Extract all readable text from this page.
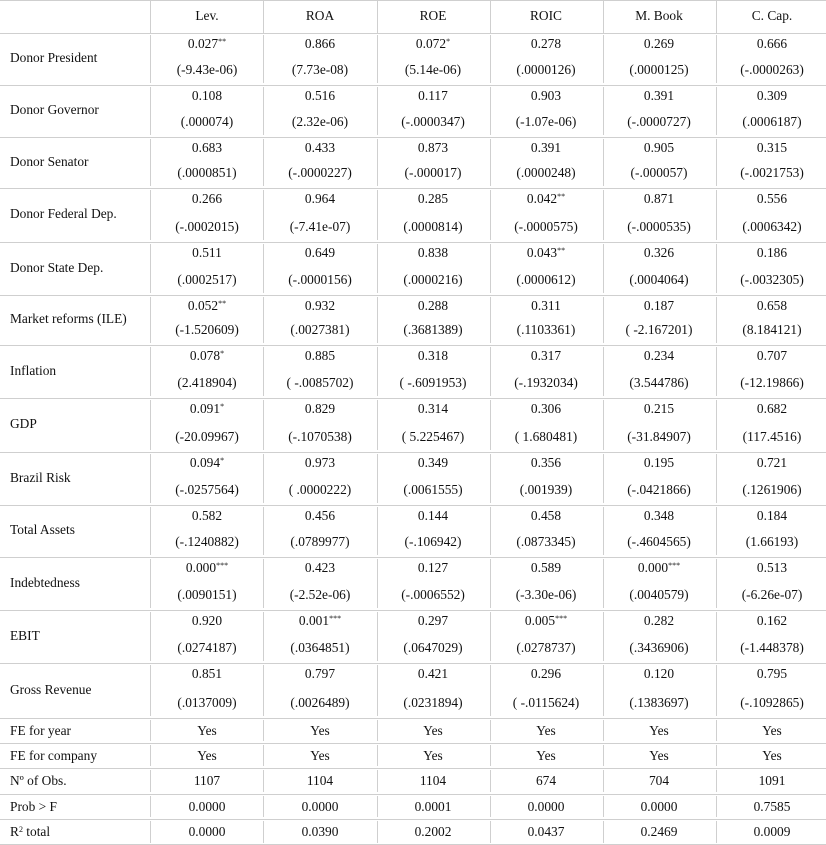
Lev.	ROA	ROE	ROIC	M. Book	C. Cap.
Donor President
0.027**	0.866	0.072*	0.278	0.269	0.666
(-9.43e-06)	(7.73e-08)	(5.14e-06)	(.0000126)	(.0000125)	(-.0000263)
Donor Governor
0.108	0.516	0.117	0.903	0.391	0.309
(.000074)	(2.32e-06)	(-.0000347)	(-1.07e-06)	(-.0000727)	(.0006187)
Donor Senator
0.683	0.433	0.873	0.391	0.905	0.315
(.0000851)	(-.0000227)	(-.000017)	(.0000248)	(-.000057)	(-.0021753)
Donor Federal Dep.
0.266	0.964	0.285	0.042**	0.871	0.556
(-.0002015)	(-7.41e-07)	(.0000814)	(-.0000575)	(-.0000535)	(.0006342)
Donor State Dep.
0.511	0.649	0.838	0.043**	0.326	0.186
(.0002517)	(-.0000156)	(.0000216)	(.0000612)	(.0004064)	(-.0032305)
Market reforms (ILE)
0.052**	0.932	0.288	0.311	0.187	0.658
(-1.520609)	(.0027381)	(.3681389)	(.1103361)	( -2.167201)	(8.184121)
Inflation
0.078*	0.885	0.318	0.317	0.234	0.707
(2.418904)	( -.0085702)	( -.6091953)	(-.1932034)	(3.544786)	(-12.19866)
GDP
0.091*	0.829	0.314	0.306	0.215	0.682
(-20.09967)	(-.1070538)	( 5.225467)	( 1.680481)	(-31.84907)	(117.4516)
Brazil Risk
0.094*	0.973	0.349	0.356	0.195	0.721
(-.0257564)	( .0000222)	(.0061555)	(.001939)	(-.0421866)	(.1261906)
Total Assets
0.582	0.456	0.144	0.458	0.348	0.184
(-.1240882)	(.0789977)	(-.106942)	(.0873345)	(-.4604565)	(1.66193)
Indebtedness
0.000***	0.423	0.127	0.589	0.000***	0.513
(.0090151)	(-2.52e-06)	(-.0006552)	(-3.30e-06)	(.0040579)	(-6.26e-07)
EBIT
0.920	0.001***	0.297	0.005***	0.282	0.162
(.0274187)	(.0364851)	(.0647029)	(.0278737)	(.3436906)	(-1.448378)
Gross Revenue
0.851	0.797	0.421	0.296	0.120	0.795
(.0137009)	(.0026489)	(.0231894)	( -.0115624)	(.1383697)	(-.1092865)
FE for year	Yes	Yes	Yes	Yes	Yes	Yes
FE for company	Yes	Yes	Yes	Yes	Yes	Yes
Nº of Obs.	1107	1104	1104	674	704	1091
Prob > F	0.0000	0.0000	0.0001	0.0000	0.0000	0.7585
$R^2$ total	0.0000	0.0390	0.2002	0.0437	0.2469	0.0009
